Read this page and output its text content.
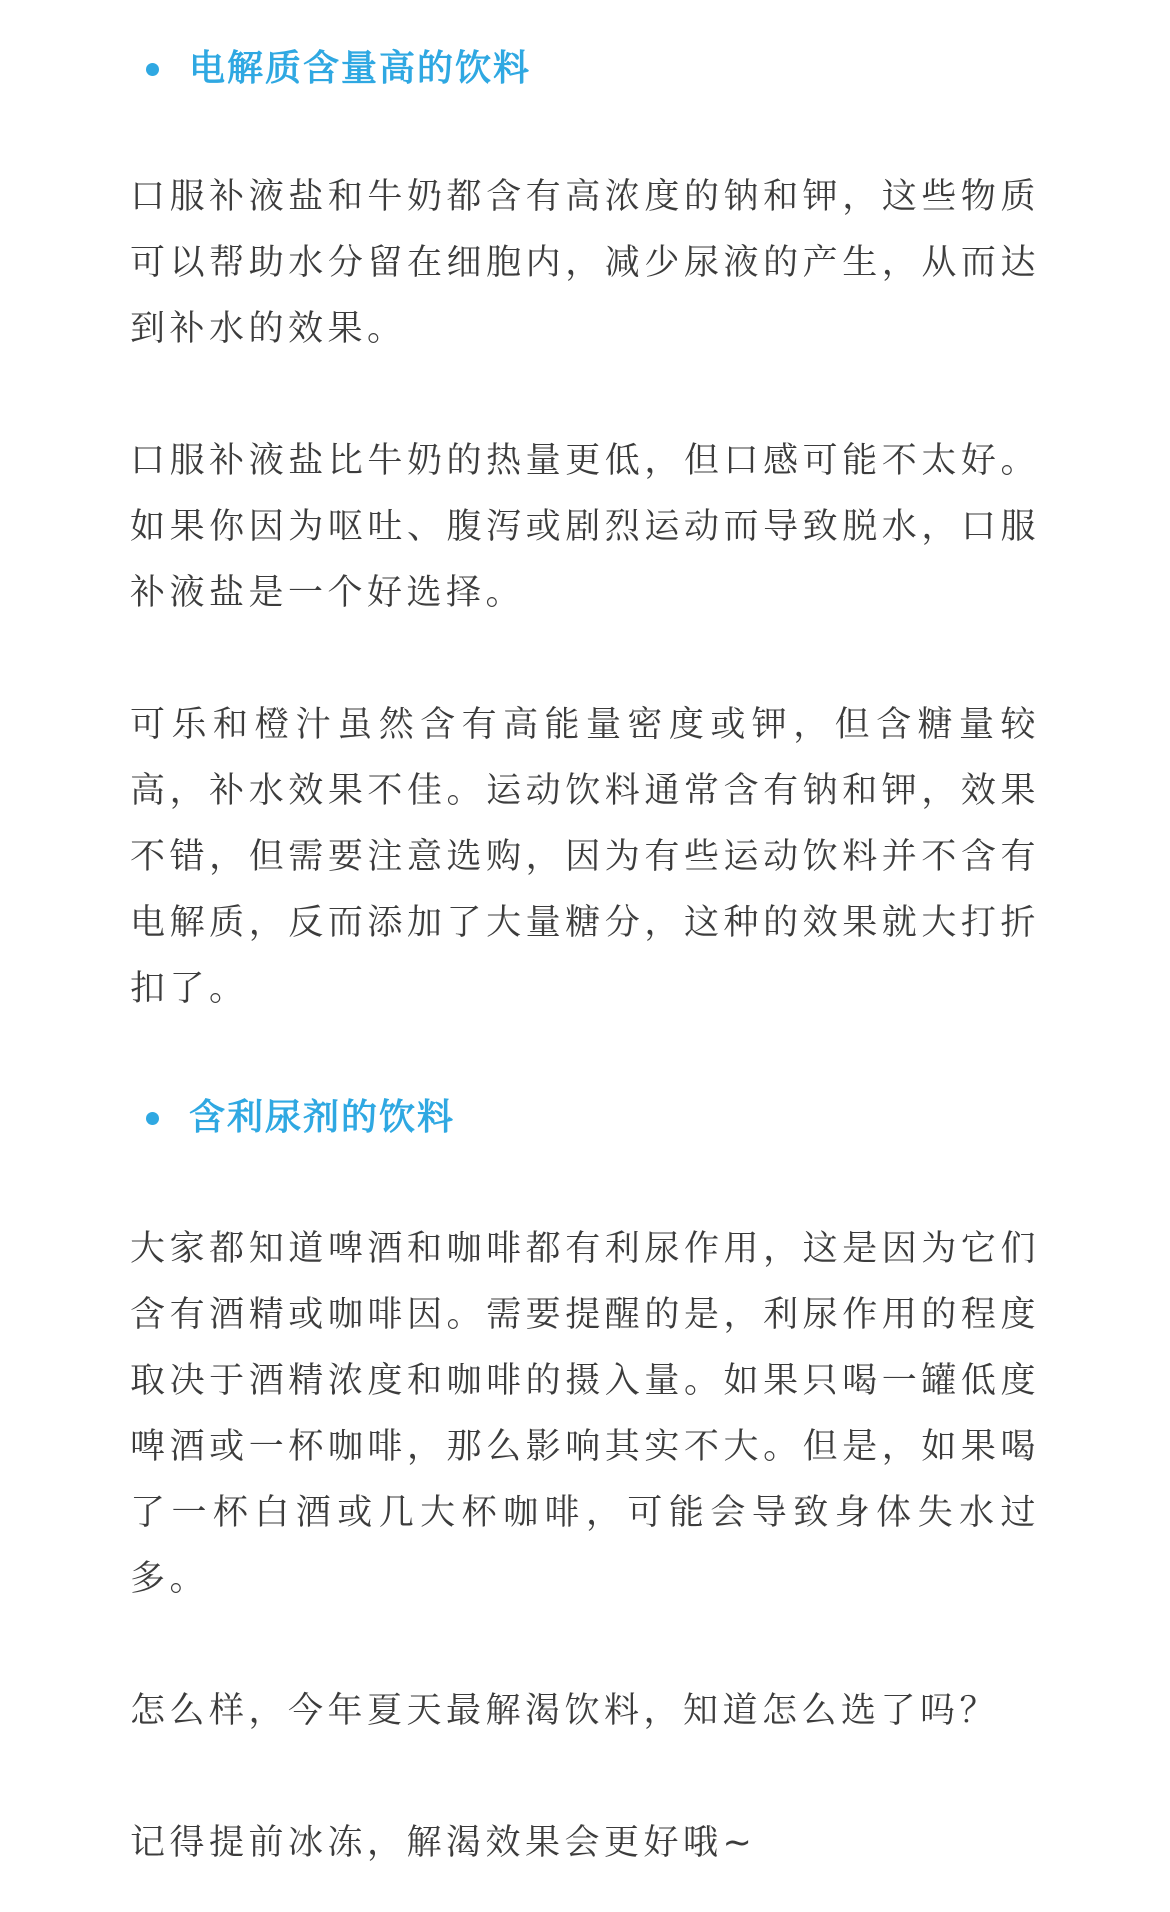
电解质含量高的饮料

口服补液盐和牛奶都含有高浓度的钠和钾，这些物质可以帮助水分留在细胞内，减少尿液的产生，从而达到补水的效果。

口服补液盐比牛奶的热量更低，但口感可能不太好。如果你因为呕吐、腹泻或剧烈运动而导致脱水，口服补液盐是一个好选择。

可乐和橙汁虽然含有高能量密度或钾，但含糖量较高，补水效果不佳。运动饮料通常含有钠和钾，效果不错，但需要注意选购，因为有些运动饮料并不含有电解质，反而添加了大量糖分，这种的效果就大打折扣了。

含利尿剂的饮料

大家都知道啤酒和咖啡都有利尿作用，这是因为它们含有酒精或咖啡因。需要提醒的是，利尿作用的程度取决于酒精浓度和咖啡的摄入量。如果只喝一罐低度啤酒或一杯咖啡，那么影响其实不大。但是，如果喝了一杯白酒或几大杯咖啡，可能会导致身体失水过多。

怎么样，今年夏天最解渴饮料，知道怎么选了吗？

记得提前冰冻，解渴效果会更好哦~
